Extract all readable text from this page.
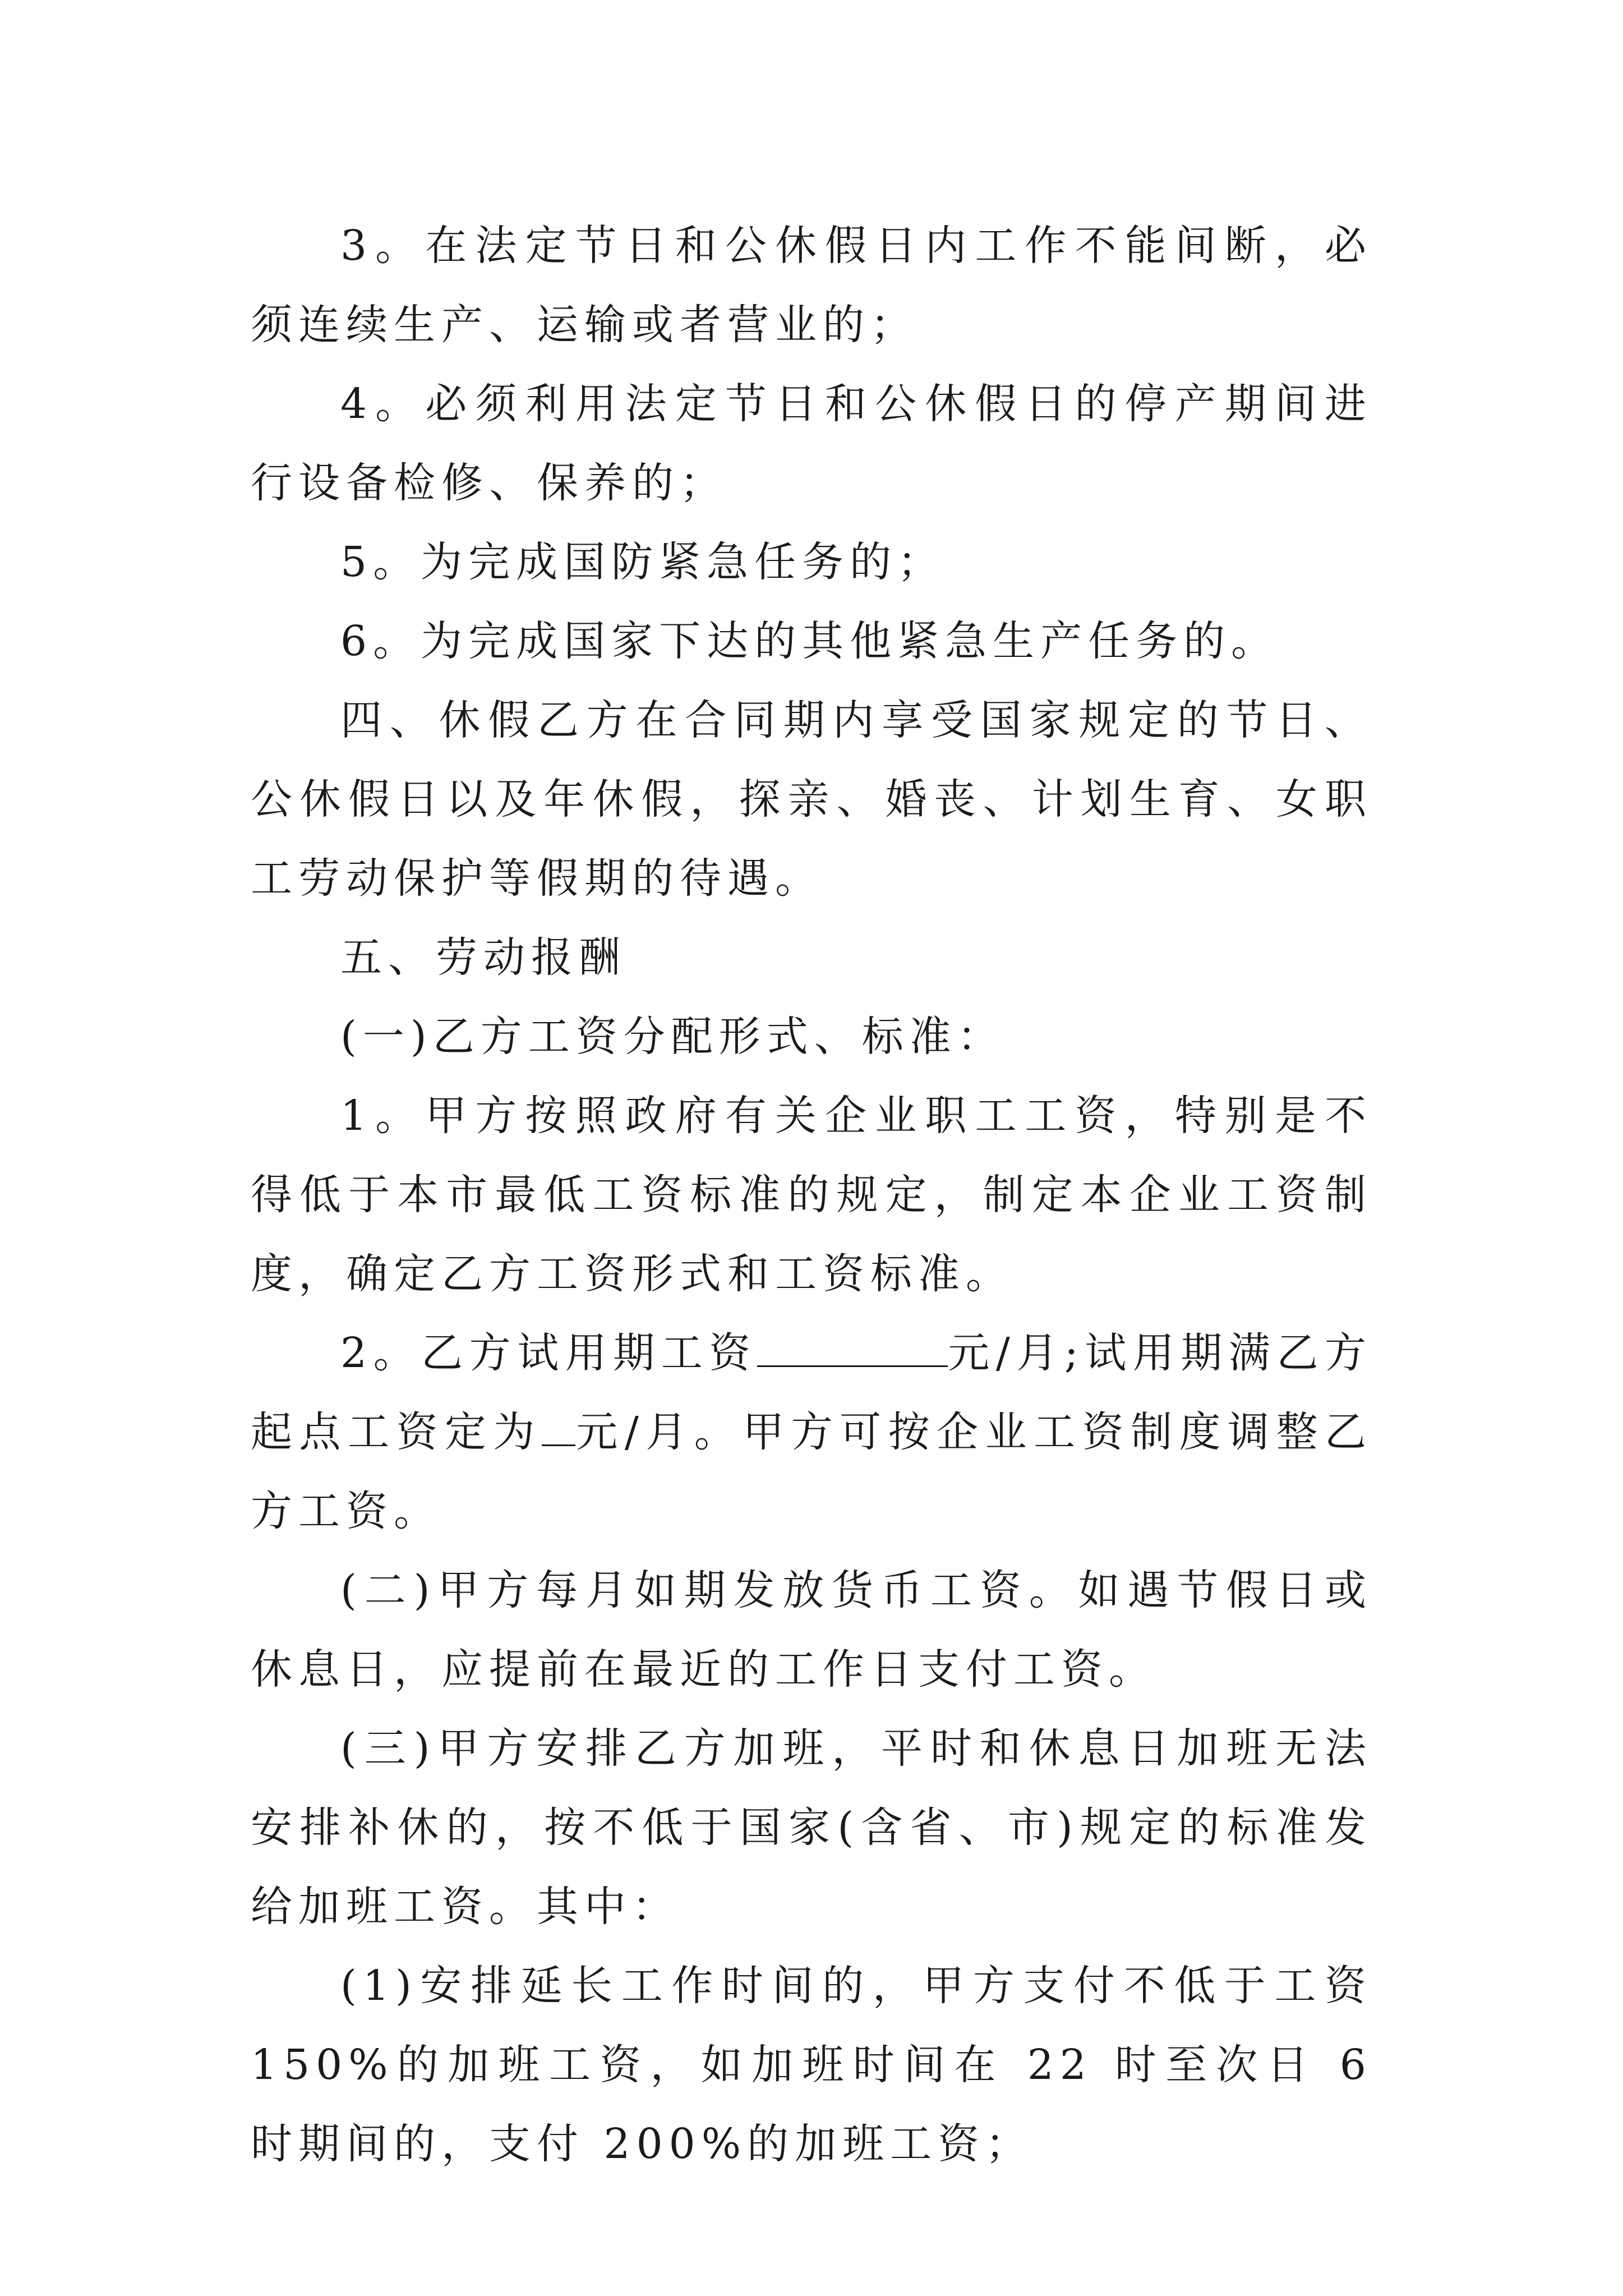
3。在法定节日和公休假日内工作不能间断，必须连续生产、运输或者营业的；

4。必须利用法定节日和公休假日的停产期间进行设备检修、保养的；

5。为完成国防紧急任务的；

6。为完成国家下达的其他紧急生产任务的。

四、休假乙方在合同期内享受国家规定的节日、公休假日以及年休假，探亲、婚丧、计划生育、女职工劳动保护等假期的待遇。

五、劳动报酬

(一)乙方工资分配形式、标准：

1。甲方按照政府有关企业职工工资，特别是不得低于本市最低工资标准的规定，制定本企业工资制度，确定乙方工资形式和工资标准。

2。乙方试用期工资	元/月;试用期满乙方起点工资定为 元/月。甲方可按企业工资制度调整乙方工资。

(二)甲方每月如期发放货币工资。如遇节假日或休息日，应提前在最近的工作日支付工资。

(三)甲方安排乙方加班，平时和休息日加班无法安排补休的，按不低于国家(含省、市)规定的标准发给加班工资。其中：

(1)安排延长工作时间的，甲方支付不低于工资 150%的加班工资，如加班时间在 22 时至次日 6 时期间的，支付 200%的加班工资；
